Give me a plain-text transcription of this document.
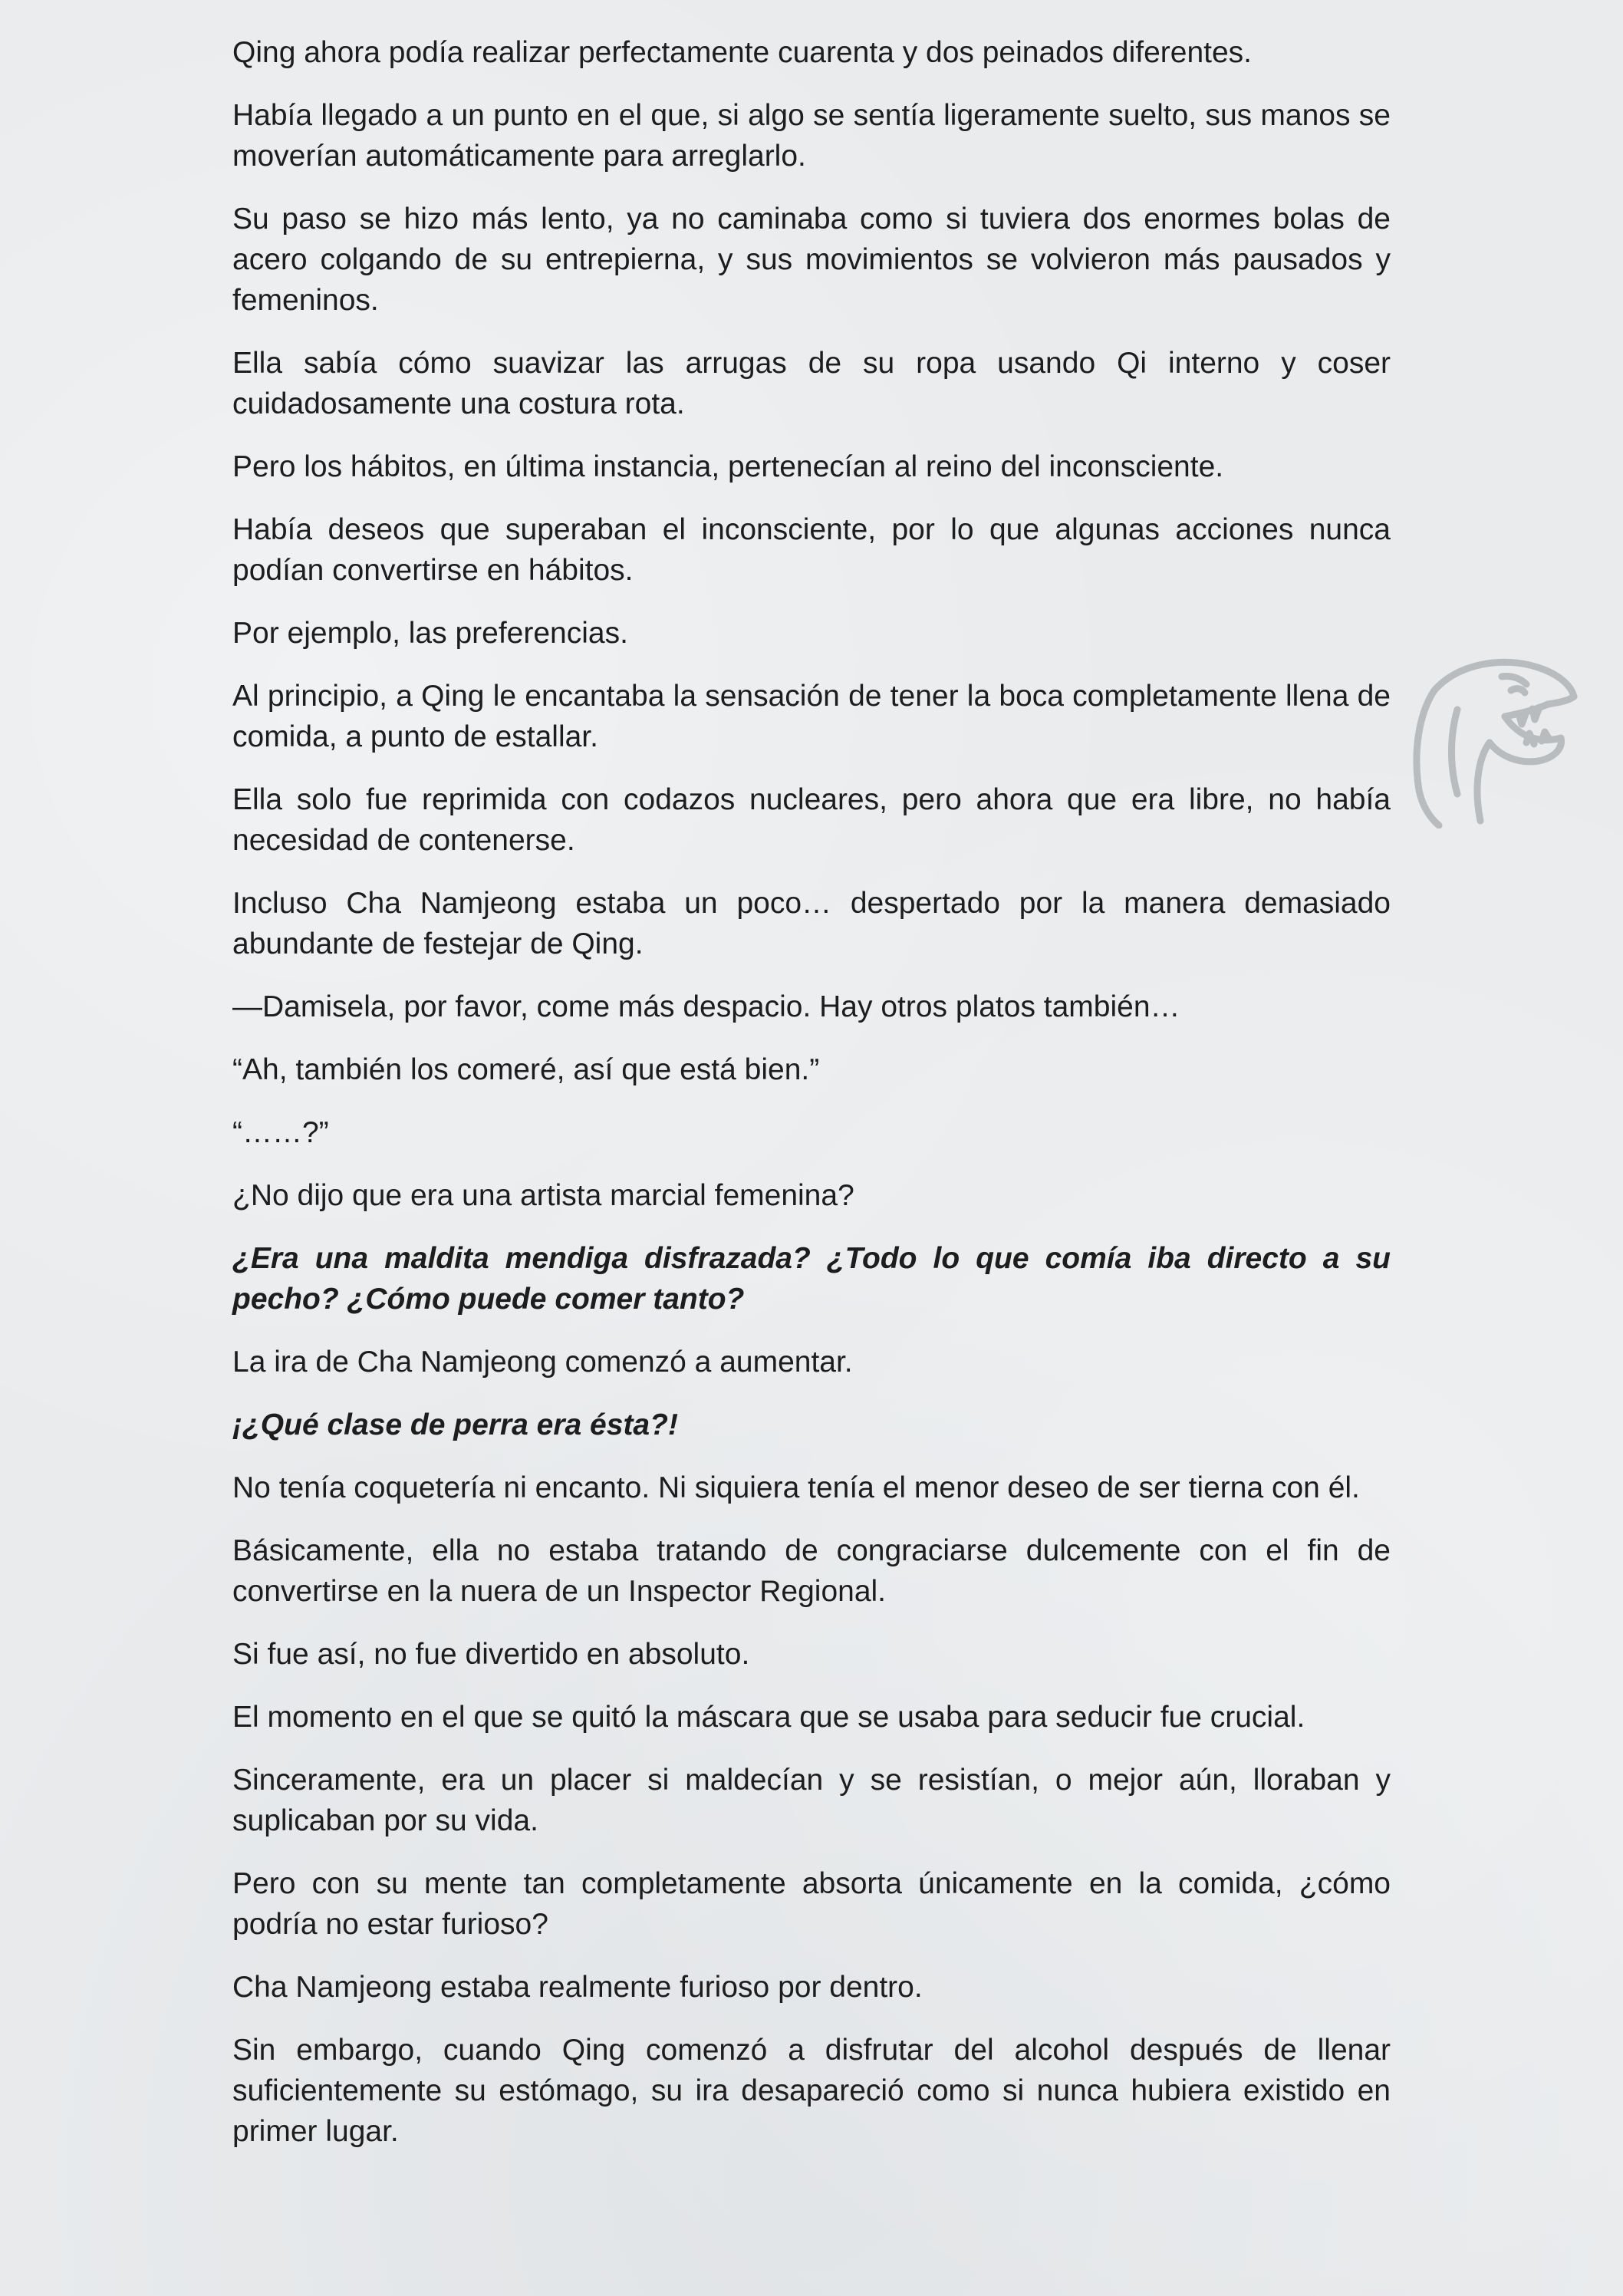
Qing ahora podía realizar perfectamente cuarenta y dos peinados diferentes.

Había llegado a un punto en el que, si algo se sentía ligeramente suelto, sus manos se moverían automáticamente para arreglarlo.

Su paso se hizo más lento, ya no caminaba como si tuviera dos enormes bolas de acero colgando de su entrepierna, y sus movimientos se volvieron más pausados y femeninos.

Ella sabía cómo suavizar las arrugas de su ropa usando Qi interno y coser cuidadosamente una costura rota.

Pero los hábitos, en última instancia, pertenecían al reino del inconsciente.

Había deseos que superaban el inconsciente, por lo que algunas acciones nunca podían convertirse en hábitos.

Por ejemplo, las preferencias.

Al principio, a Qing le encantaba la sensación de tener la boca completamente llena de comida, a punto de estallar.

Ella solo fue reprimida con codazos nucleares, pero ahora que era libre, no había necesidad de contenerse.

Incluso Cha Namjeong estaba un poco… despertado por la manera demasiado abundante de festejar de Qing.

—Damisela, por favor, come más despacio. Hay otros platos también…

“Ah, también los comeré, así que está bien.”

“……?”

¿No dijo que era una artista marcial femenina?

¿Era una maldita mendiga disfrazada? ¿Todo lo que comía iba directo a su pecho? ¿Cómo puede comer tanto?

La ira de Cha Namjeong comenzó a aumentar.

¡¿Qué clase de perra era ésta?!

No tenía coquetería ni encanto. Ni siquiera tenía el menor deseo de ser tierna con él.

Básicamente, ella no estaba tratando de congraciarse dulcemente con el fin de convertirse en la nuera de un Inspector Regional.

Si fue así, no fue divertido en absoluto.

El momento en el que se quitó la máscara que se usaba para seducir fue crucial.

Sinceramente, era un placer si maldecían y se resistían, o mejor aún, lloraban y suplicaban por su vida.

Pero con su mente tan completamente absorta únicamente en la comida, ¿cómo podría no estar furioso?

Cha Namjeong estaba realmente furioso por dentro.

Sin embargo, cuando Qing comenzó a disfrutar del alcohol después de llenar suficientemente su estómago, su ira desapareció como si nunca hubiera existido en primer lugar.
